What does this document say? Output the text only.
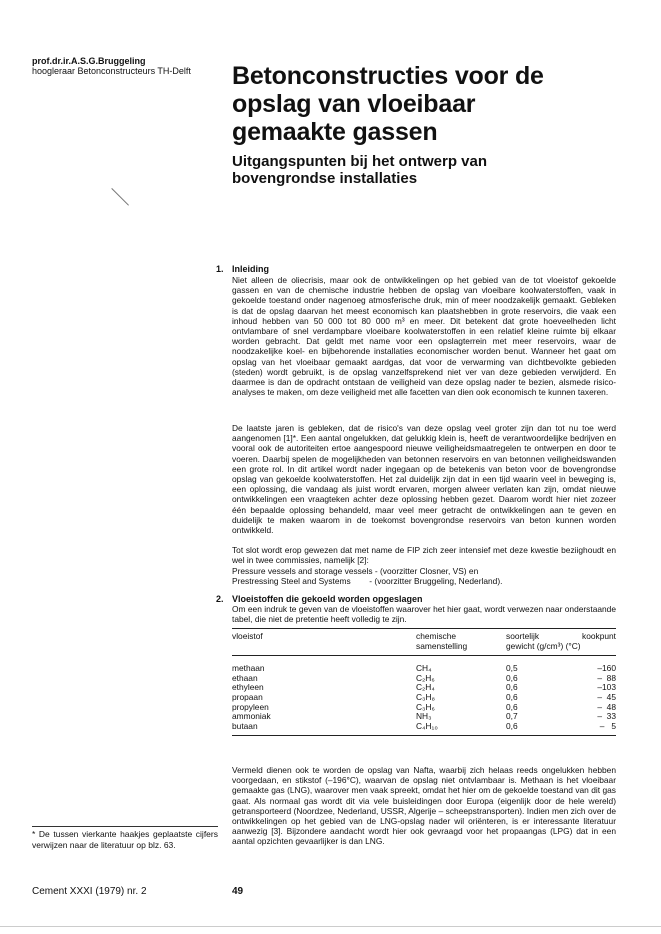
prof.dr.ir.A.S.G.Bruggeling
hoogleraar Betonconstructeurs TH-Delft Betonconstructies voor de
opslag van vloeibaar
gemaakte gassen
Uitgangspunten bij het ontwerp van
bovengrondse installaties
1. Inleiding
Niet alleen de oliecrisis, maar ook de ontwikkelingen op het gebied van de tot vloeistof gekoelde gassen en van de chemische industrie hebben de opslag van vloeibare koolwaterstoffen, vaak in gekoelde toestand onder nagenoeg atmosferische druk, min of meer noodzakelijk gemaakt. Gebleken is dat de opslag daarvan het meest economisch kan plaatshebben in grote reservoirs, die vaak een inhoud hebben van 50 000 tot 80 000 m³ en meer. Dit betekent dat grote hoeveelheden licht ontvlambare of snel verdampbare vloeibare koolwaterstoffen in een relatief kleine ruimte bij elkaar worden gebracht. Dat geldt met name voor een opslagterrein met meer reservoirs, waar de noodzakelijke koel- en bijbehorende installaties economischer worden benut. Wanneer het gaat om opslag van het vloeibaar gemaakt aardgas, dat voor de verwarming van dichtbevolkte gebieden (steden) wordt gebruikt, is de opslag vanzelfsprekend niet ver van deze gebieden verwijderd. En daarmee is dan de opdracht ontstaan de veiligheid van deze opslag nader te bezien, alsmede risico-analyses te maken, om deze veiligheid met alle facetten van dien ook economisch te kunnen taxeren.
De laatste jaren is gebleken, dat de risico's van deze opslag veel groter zijn dan tot nu toe werd aangenomen [1]*. Een aantal ongelukken, dat gelukkig klein is, heeft de verantwoordelijke bedrijven en vooral ook de autoriteiten ertoe aangespoord nieuwe veiligheidsmaatregelen te ontwerpen en door te voeren. Daarbij spelen de mogelijkheden van betonnen reservoirs en van betonnen veiligheidswanden een grote rol. In dit artikel wordt nader ingegaan op de betekenis van beton voor de bovengrondse opslag van gekoelde koolwaterstoffen. Het zal duidelijk zijn dat in een tijd waarin veel in beweging is, een oplossing, die vandaag als juist wordt ervaren, morgen alweer verlaten kan zijn, omdat nieuwe ontwikkelingen een vraagteken achter deze oplossing hebben gezet. Daarom wordt hier niet zozeer één bepaalde oplossing behandeld, maar veel meer getracht de ontwikkelingen aan te geven en duidelijk te maken waarom in de toekomst bovengrondse reservoirs van beton kunnen worden ontwikkeld.
Tot slot wordt erop gewezen dat met name de FIP zich zeer intensief met deze kwestie beziighoudt en wel in twee commissies, namelijk [2]:
Pressure vessels and storage vessels - (voorzitter Closner, VS) en
Prestressing Steel and Systems        - (voorzitter Bruggeling, Nederland).
2. Vloeistoffen die gekoeld worden opgeslagen
Om een indruk te geven van de vloeistoffen waarover het hier gaat, wordt verwezen naar onderstaande tabel, die niet de pretentie heeft volledig te zijn.
vloeistof	chemische	soortelijk	kookpunt
	samenstelling	gewicht (g/cm³) (°C)	
methaan	CH₄	0,5	–160
ethaan	C₂H₆	0,6	–  88
ethyleen	C₂H₄	0,6	–103
propaan	C₃H₈	0,6	–  45
propyleen	C₃H₆	0,6	–  48
ammoniak	NH₃	0,7	–  33
butaan	C₄H₁₀	0,6	–   5
Vermeld dienen ook te worden de opslag van Nafta, waarbij zich helaas reeds ongelukken hebben voorgedaan, en stikstof (–196°C), waarvan de opslag niet ontvlambaar is. Methaan is het vloeibaar gemaakte gas (LNG), waarover men vaak spreekt, omdat het hier om de gekoelde toestand van dit gas gaat. Als normaal gas wordt dit via vele buisleidingen door Europa (eigenlijk door de hele wereld) getransporteerd (Noordzee, Nederland, USSR, Algerije – scheepstransporten). Indien men zich over de ontwikkelingen op het gebied van de LNG-opslag nader wil oriënteren, is er interessante literatuur aanwezig [3]. Bijzondere aandacht wordt hier ook gevraagd voor het propaangas (LPG) dat in een aantal opzichten gevaarlijker is dan LNG.
* De tussen vierkante haakjes geplaatste cijfers verwijzen naar de literatuur op blz. 63.
Cement XXXI (1979) nr. 2	49
